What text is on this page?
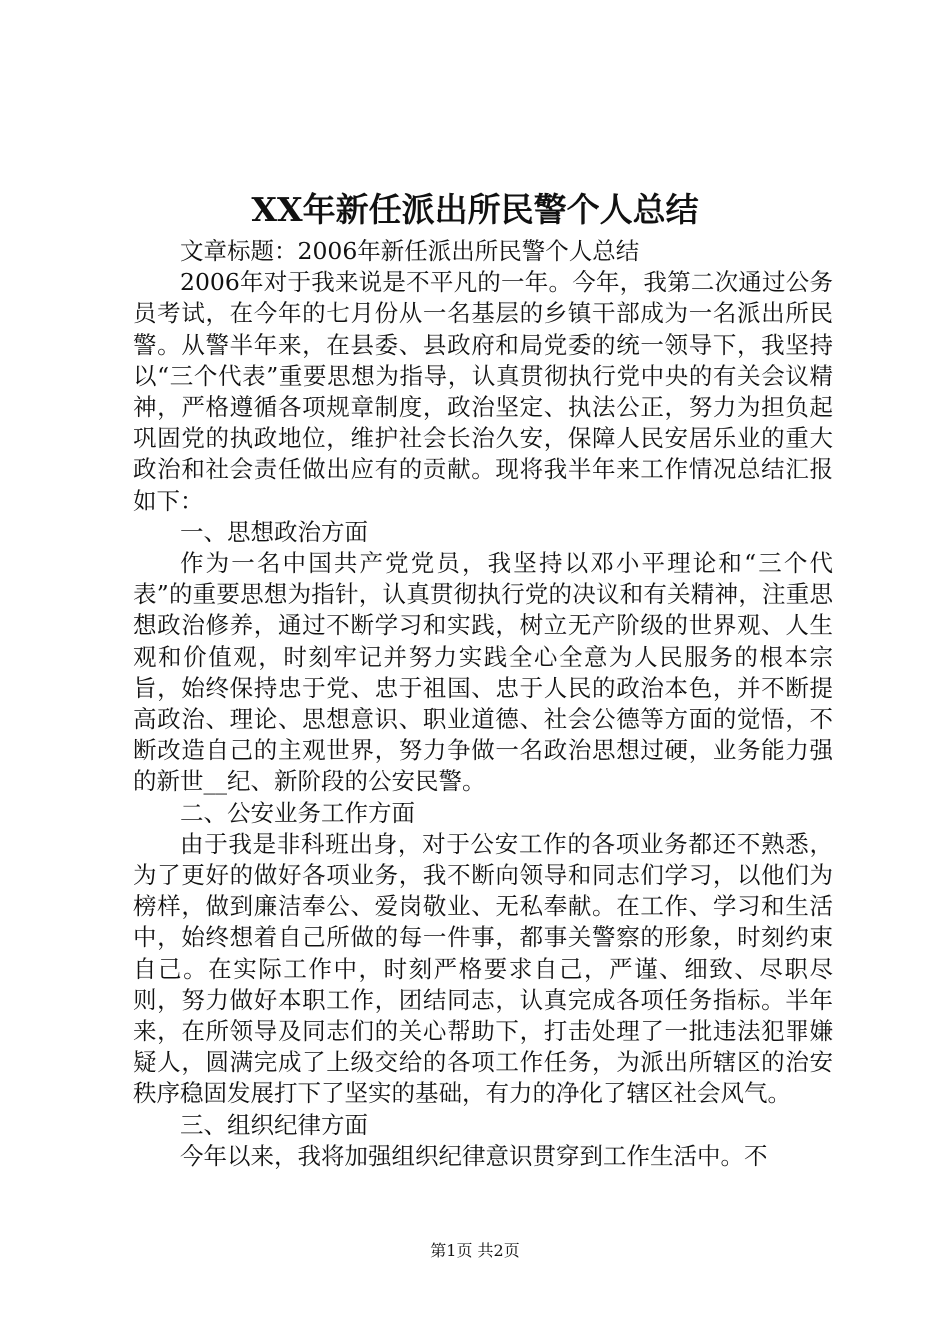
XX年新任派出所民警个人总结

文章标题：2006年新任派出所民警个人总结

2006年对于我来说是不平凡的一年。今年，我第二次通过公务员考试，在今年的七月份从一名基层的乡镇干部成为一名派出所民警。从警半年来，在县委、县政府和局党委的统一领导下，我坚持以“三个代表”重要思想为指导，认真贯彻执行党中央的有关会议精神，严格遵循各项规章制度，政治坚定、执法公正，努力为担负起巩固党的执政地位，维护社会长治久安，保障人民安居乐业的重大政治和社会责任做出应有的贡献。现将我半年来工作情况总结汇报如下：

一、思想政治方面

作为一名中国共产党党员，我坚持以邓小平理论和“三个代表”的重要思想为指针，认真贯彻执行党的决议和有关精神，注重思想政治修养，通过不断学习和实践，树立无产阶级的世界观、人生观和价值观，时刻牢记并努力实践全心全意为人民服务的根本宗旨，始终保持忠于党、忠于祖国、忠于人民的政治本色，并不断提高政治、理论、思想意识、职业道德、社会公德等方面的觉悟，不断改造自己的主观世界，努力争做一名政治思想过硬，业务能力强的新世__纪、新阶段的公安民警。

二、公安业务工作方面

由于我是非科班出身，对于公安工作的各项业务都还不熟悉，为了更好的做好各项业务，我不断向领导和同志们学习，以他们为榜样，做到廉洁奉公、爱岗敬业、无私奉献。在工作、学习和生活中，始终想着自己所做的每一件事，都事关警察的形象，时刻约束自己。在实际工作中，时刻严格要求自己，严谨、细致、尽职尽则，努力做好本职工作，团结同志，认真完成各项任务指标。半年来，在所领导及同志们的关心帮助下，打击处理了一批违法犯罪嫌疑人，圆满完成了上级交给的各项工作任务，为派出所辖区的治安秩序稳固发展打下了坚实的基础，有力的净化了辖区社会风气。

三、组织纪律方面

今年以来，我将加强组织纪律意识贯穿到工作生活中。不

第1页 共2页
